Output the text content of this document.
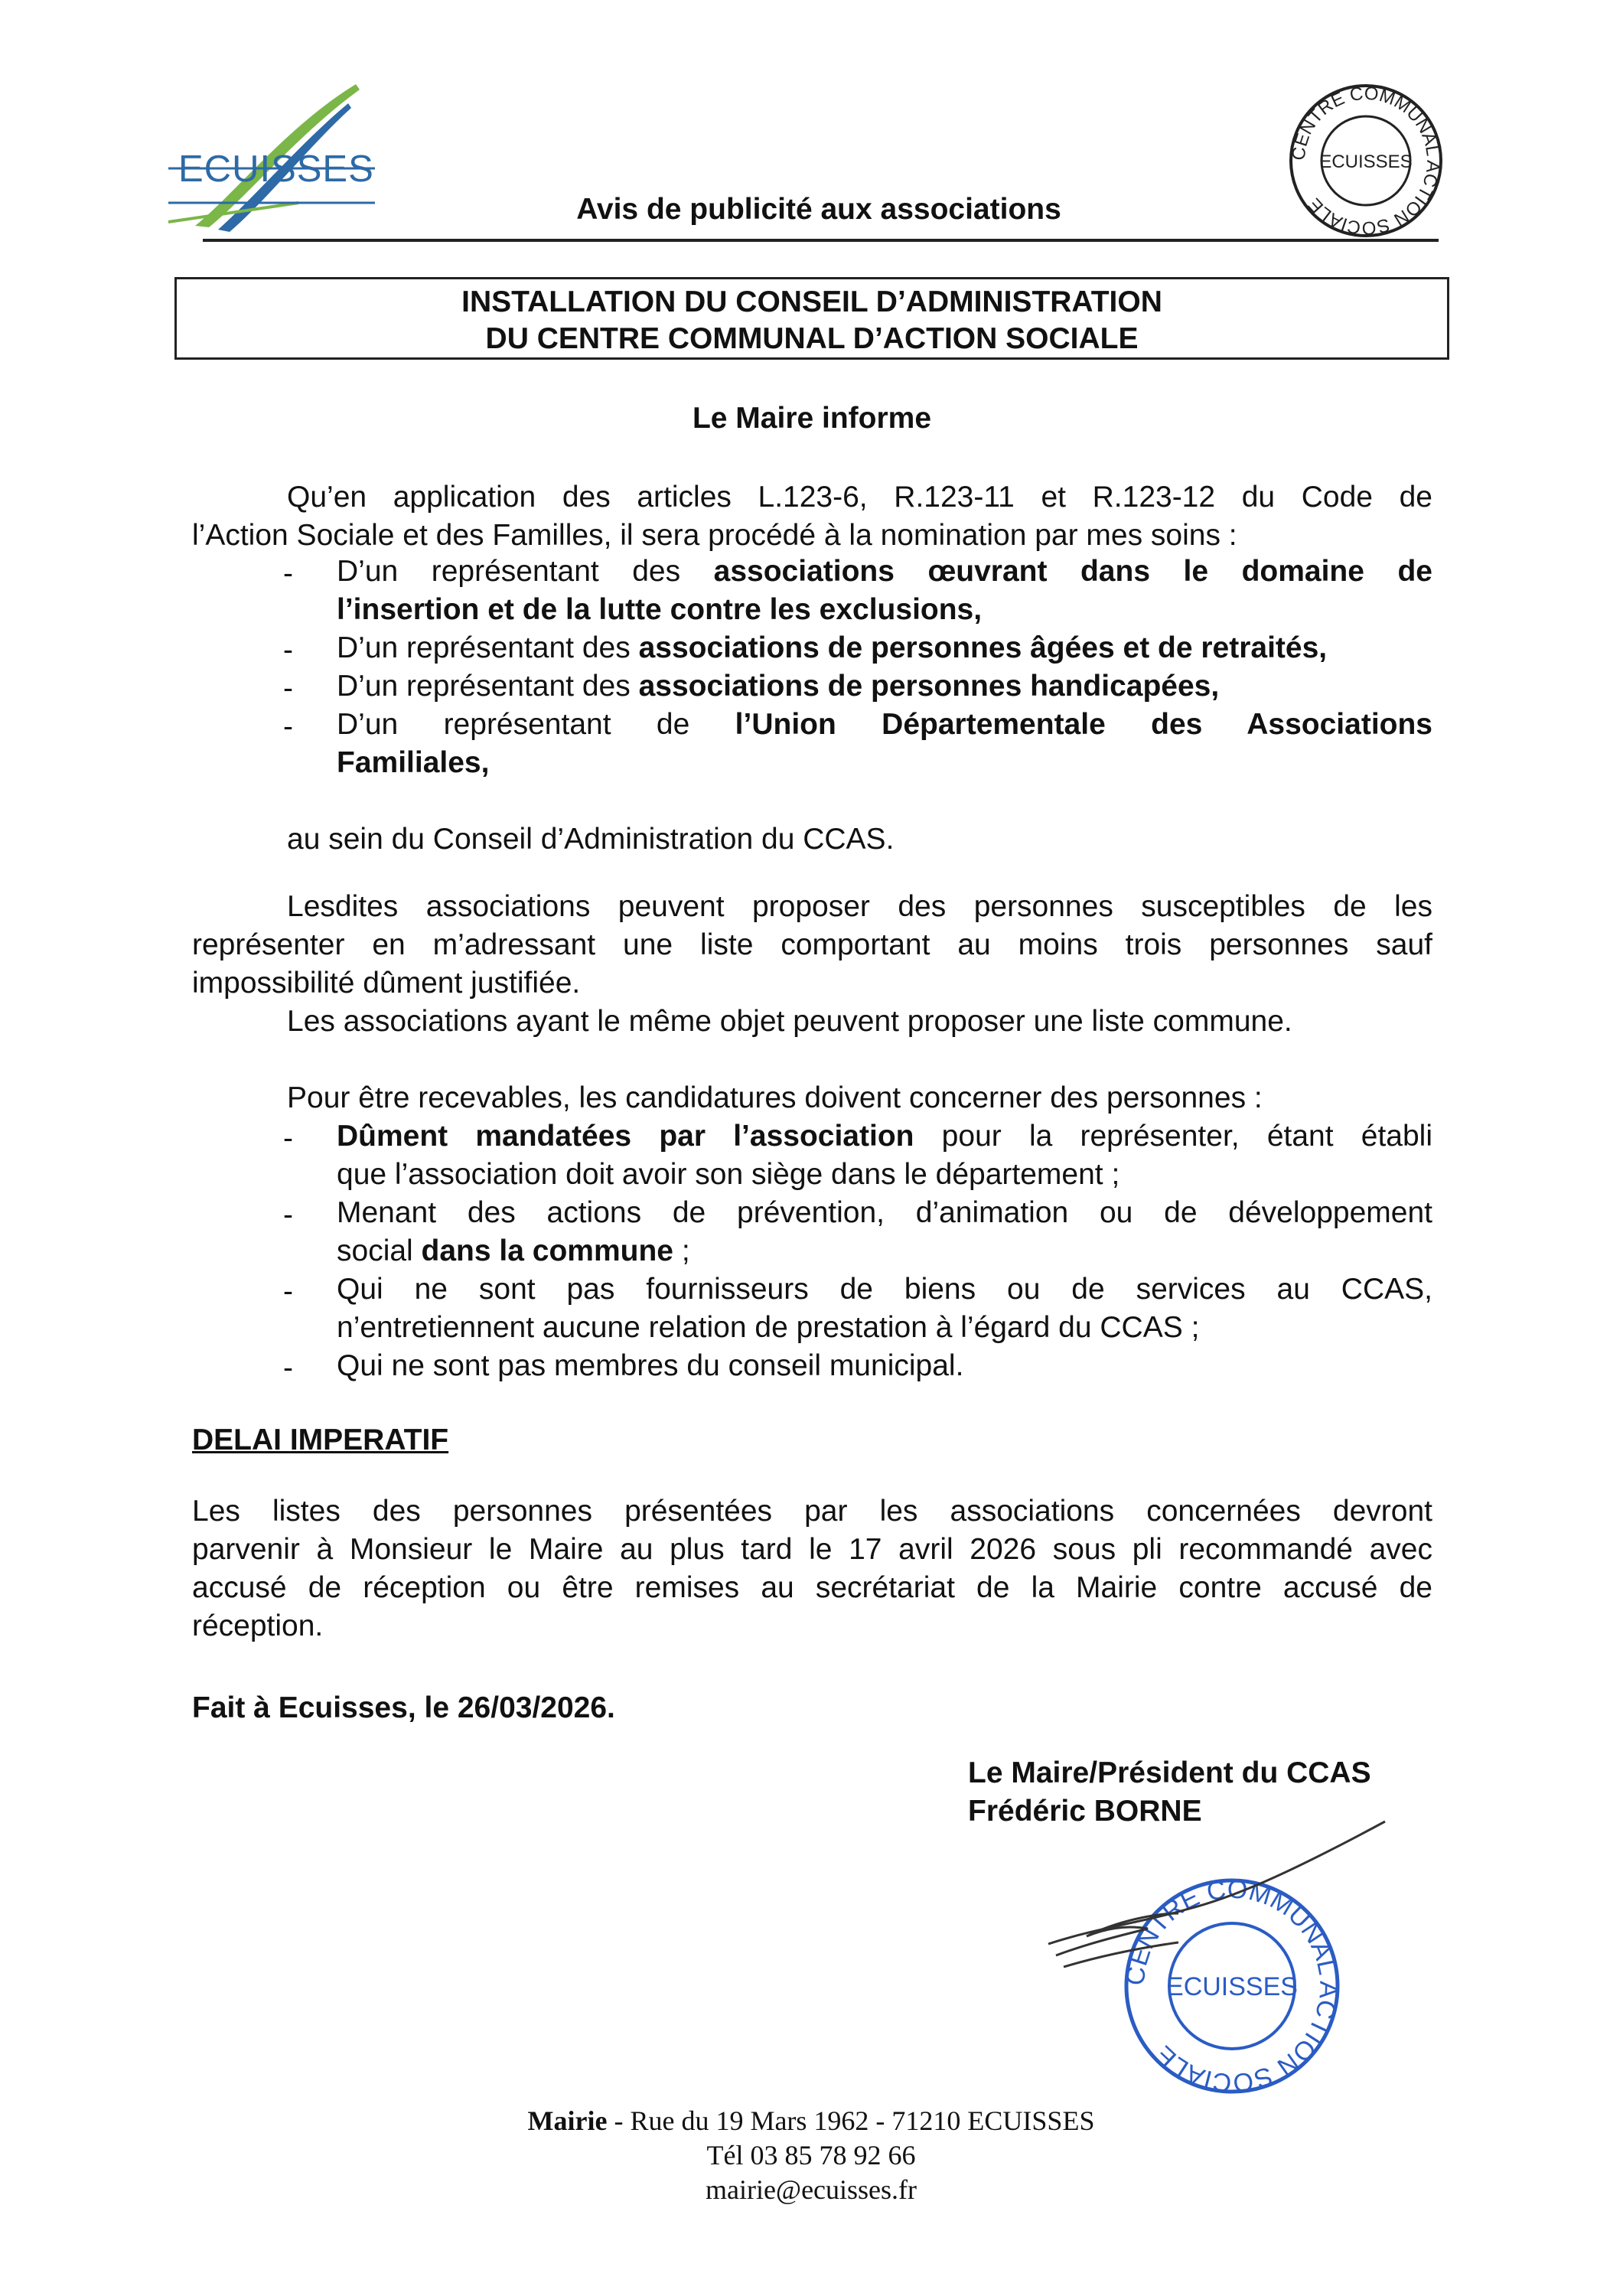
ECUISSES
Avis de publicité aux associations
CENTRE COMMUNAL ACTION SOCIALE
ECUISSES
INSTALLATION DU CONSEIL D’ADMINISTRATION
DU CENTRE COMMUNAL D’ACTION SOCIALE
Le Maire informe
Qu’en application des articles L.123-6, R.123-11 et R.123-12 du Code de
l’Action Sociale et des Familles, il sera procédé à la nomination par mes soins :
- D’un représentant des associations œuvrant dans le domaine de
l’insertion et de la lutte contre les exclusions,
- D’un représentant des associations de personnes âgées et de retraités,
- D’un représentant des associations de personnes handicapées,
- D’un représentant de l’Union Départementale des Associations
Familiales,
au sein du Conseil d’Administration du CCAS.
Lesdites associations peuvent proposer des personnes susceptibles de les
représenter en m’adressant une liste comportant au moins trois personnes sauf
impossibilité dûment justifiée.
Les associations ayant le même objet peuvent proposer une liste commune.
Pour être recevables, les candidatures doivent concerner des personnes :
- Dûment mandatées par l’association pour la représenter, étant établi
que l’association doit avoir son siège dans le département ;
- Menant des actions de prévention, d’animation ou de développement
social dans la commune ;
- Qui ne sont pas fournisseurs de biens ou de services au CCAS,
n’entretiennent aucune relation de prestation à l’égard du CCAS ;
- Qui ne sont pas membres du conseil municipal.
DELAI IMPERATIF
Les listes des personnes présentées par les associations concernées devront
parvenir à Monsieur le Maire au plus tard le 17 avril 2026 sous pli recommandé avec
accusé de réception ou être remises au secrétariat de la Mairie contre accusé de
réception.
Fait à Ecuisses, le 26/03/2026.
Le Maire/Président du CCAS
Frédéric BORNE
CENTRE COMMUNAL ACTION SOCIALE
ECUISSES
Mairie - Rue du 19 Mars 1962 - 71210 ECUISSES
Tél 03 85 78 92 66
mairie@ecuisses.fr
